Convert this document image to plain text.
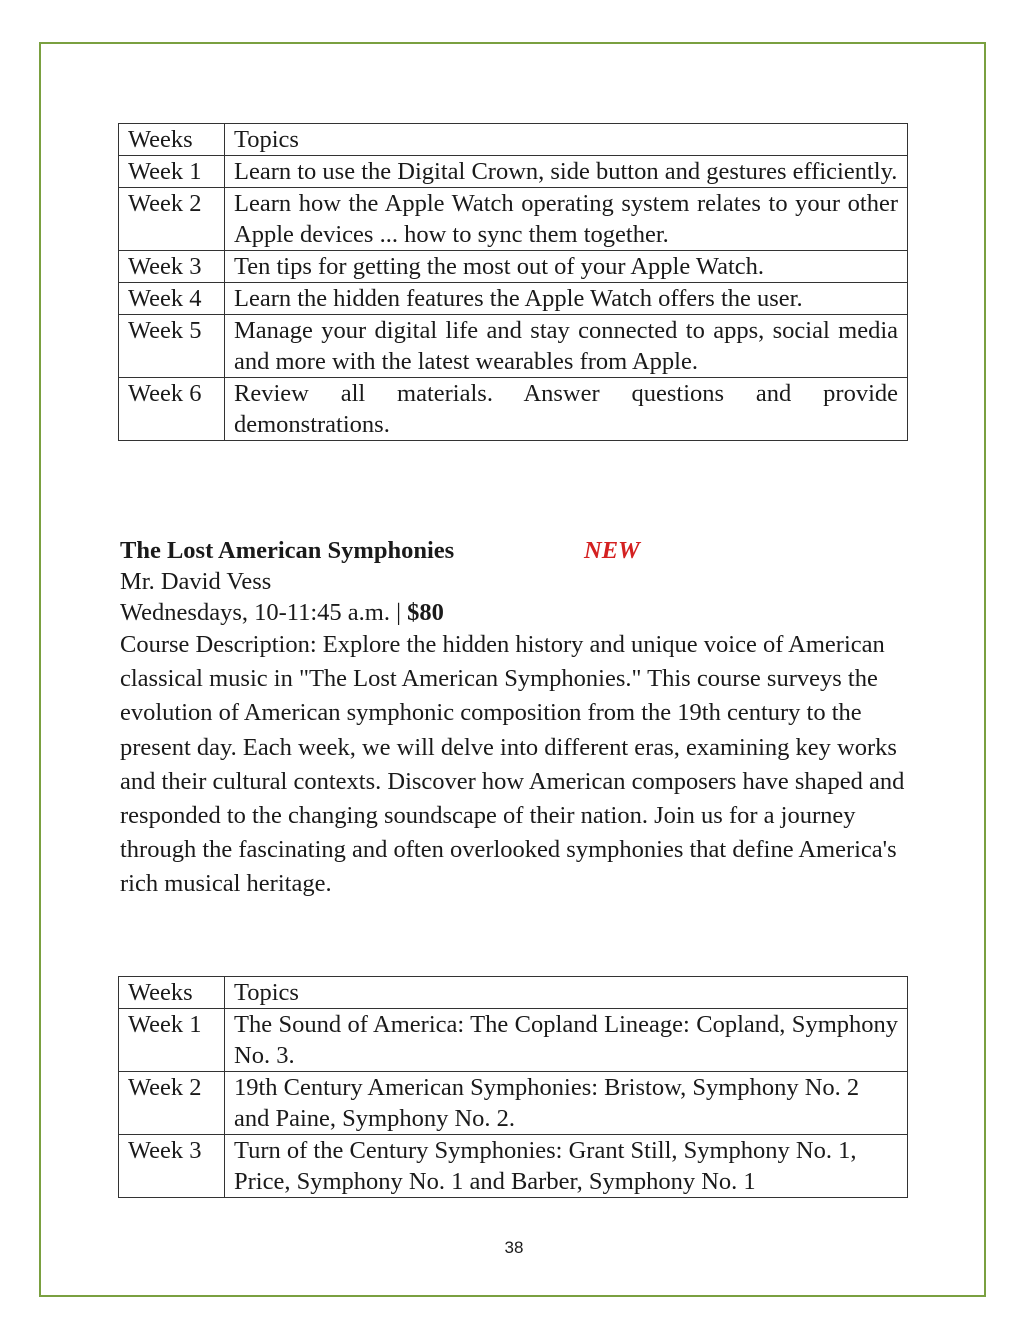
Weeks	Topics
Week 1	Learn to use the Digital Crown, side button and gestures efficiently.
Week 2	Learn how the Apple Watch operating system relates to your other Apple devices ... how to sync them together.
Week 3	Ten tips for getting the most out of your Apple Watch.
Week 4	Learn the hidden features the Apple Watch offers the user.
Week 5	Manage your digital life and stay connected to apps, social media and more with the latest wearables from Apple.
Week 6	Review all materials. Answer questions and provide demonstrations.
The Lost American Symphonies	NEW
Mr. David Vess
Wednesdays, 10-11:45 a.m. | $80
Course Description: Explore the hidden history and unique voice of American classical music in "The Lost American Symphonies." This course surveys the evolution of American symphonic composition from the 19th century to the present day. Each week, we will delve into different eras, examining key works and their cultural contexts. Discover how American composers have shaped and responded to the changing soundscape of their nation. Join us for a journey through the fascinating and often overlooked symphonies that define America's rich musical heritage.
Weeks	Topics
Week 1	The Sound of America: The Copland Lineage: Copland, Symphony No. 3.
Week 2	19th Century American Symphonies: Bristow, Symphony No. 2 and Paine, Symphony No. 2.
Week 3	Turn of the Century Symphonies: Grant Still, Symphony No. 1, Price, Symphony No. 1 and Barber, Symphony No. 1
38
